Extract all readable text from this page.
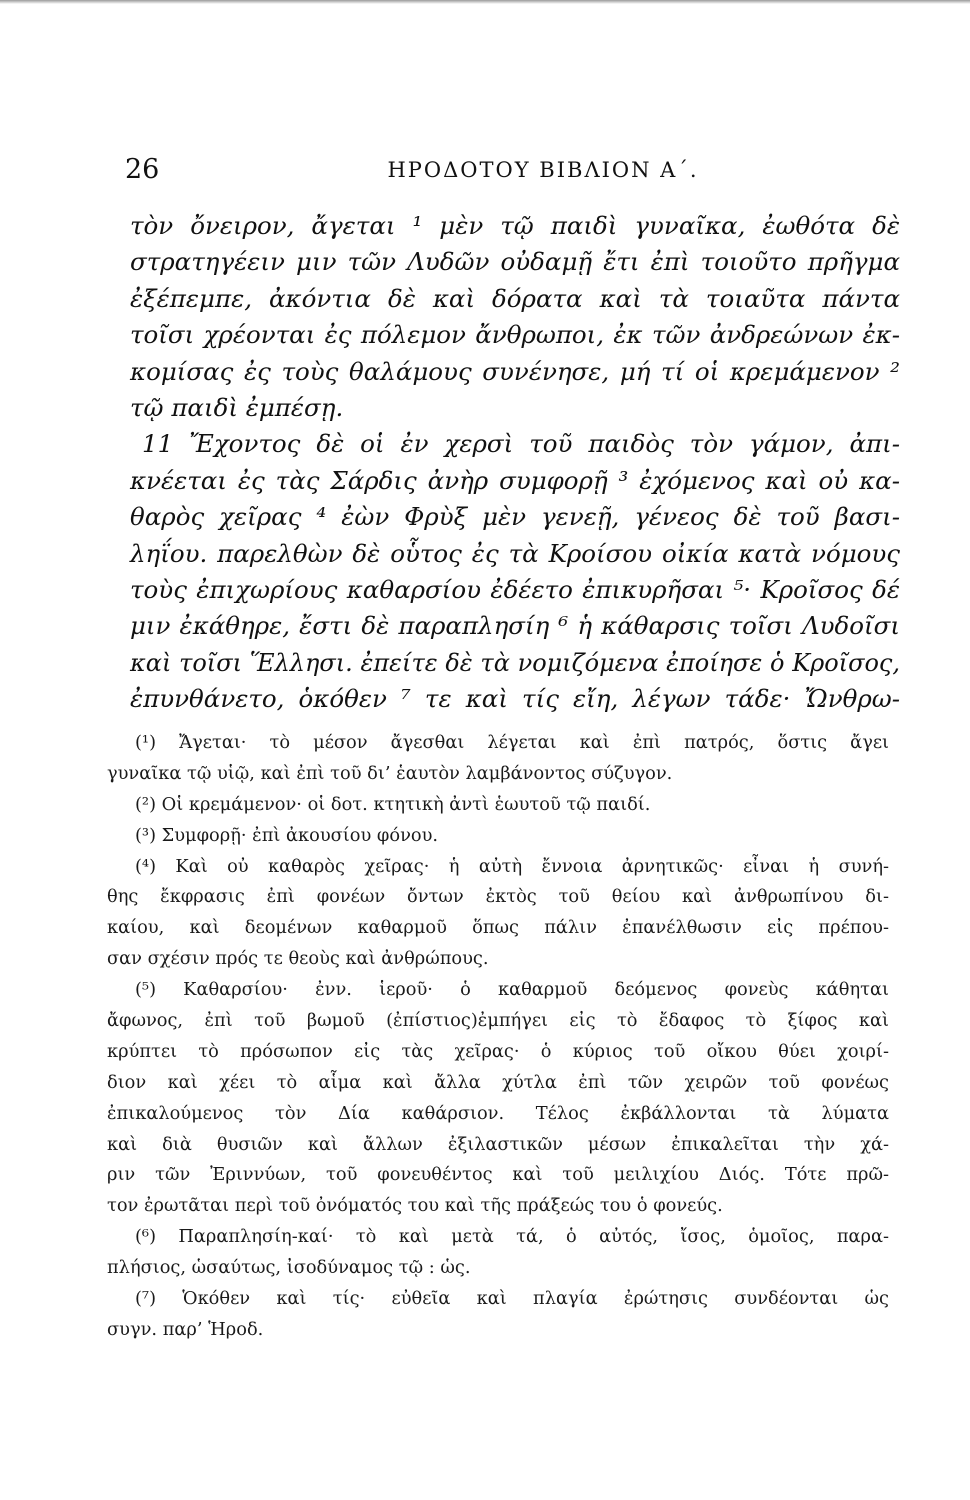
26	ΗΡΟΔΟΤΟΥ ΒΙΒΛΙΟΝ Α΄.
τὸν ὄνειρον, ἄγεται ¹ μὲν τῷ παιδὶ γυναῖκα, ἐωθότα δὲ
στρατηγέειν μιν τῶν Λυδῶν οὐδαμῇ ἔτι ἐπὶ τοιοῦτο πρῆγμα
ἐξέπεμπε, ἀκόντια δὲ καὶ δόρατα καὶ τὰ τοιαῦτα πάντα
τοῖσι χρέονται ἐς πόλεμον ἄνθρωποι, ἐκ τῶν ἀνδρεώνων ἐκ-
κομίσας ἐς τοὺς θαλάμους συνένησε, μή τί οἱ κρεμάμενον ²
τῷ παιδὶ ἐμπέσῃ.
11 Ἔχοντος δὲ οἱ ἐν χερσὶ τοῦ παιδὸς τὸν γάμον, ἀπι-
κνέεται ἐς τὰς Σάρδις ἀνὴρ συμφορῇ ³ ἐχόμενος καὶ οὐ κα-
θαρὸς χεῖρας ⁴ ἐὼν Φρὺξ μὲν γενεῇ, γένεος δὲ τοῦ βασι-
ληΐου. παρελθὼν δὲ οὗτος ἐς τὰ Κροίσου οἰκία κατὰ νόμους
τοὺς ἐπιχωρίους καθαρσίου ἐδέετο ἐπικυρῆσαι ⁵· Κροῖσος δέ
μιν ἐκάθηρε, ἔστι δὲ παραπλησίη ⁶ ἡ κάθαρσις τοῖσι Λυδοῖσι
καὶ τοῖσι Ἕλλησι. ἐπείτε δὲ τὰ νομιζόμενα ἐποίησε ὁ Κροῖσος,
ἐπυνθάνετο, ὁκόθεν ⁷ τε καὶ τίς εἴη, λέγων τάδε· Ὤνθρω-
(¹) Ἄγεται· τὸ μέσον ἄγεσθαι λέγεται καὶ ἐπὶ πατρός, ὅστις ἄγει
γυναῖκα τῷ υἱῷ, καὶ ἐπὶ τοῦ δι’ ἑαυτὸν λαμβάνοντος σύζυγον.
(²) Οἱ κρεμάμενον· οἱ δοτ. κτητικὴ ἀντὶ ἑωυτοῦ τῷ παιδί.
(³) Συμφορῇ· ἐπὶ ἀκουσίου φόνου.
(⁴) Καὶ οὐ καθαρὸς χεῖρας· ἡ αὐτὴ ἔννοια ἀρνητικῶς· εἶναι ἡ συνή-
θης ἔκφρασις ἐπὶ φονέων ὄντων ἐκτὸς τοῦ θείου καὶ ἀνθρωπίνου δι-
καίου, καὶ δεομένων καθαρμοῦ ὅπως πάλιν ἐπανέλθωσιν εἰς πρέπου-
σαν σχέσιν πρός τε θεοὺς καὶ ἀνθρώπους.
(⁵) Καθαρσίου· ἐνν. ἱεροῦ· ὁ καθαρμοῦ δεόμενος φονεὺς κάθηται
ἄφωνος, ἐπὶ τοῦ βωμοῦ (ἐπίστιος)ἐμπήγει εἰς τὸ ἔδαφος τὸ ξίφος καὶ
κρύπτει τὸ πρόσωπον εἰς τὰς χεῖρας· ὁ κύριος τοῦ οἴκου θύει χοιρί-
διον καὶ χέει τὸ αἷμα καὶ ἄλλα χύτλα ἐπὶ τῶν χειρῶν τοῦ φονέως
ἐπικαλούμενος τὸν Δία καθάρσιον. Τέλος ἐκβάλλονται τὰ λύματα
καὶ διὰ θυσιῶν καὶ ἄλλων ἐξιλαστικῶν μέσων ἐπικαλεῖται τὴν χά-
ριν τῶν Ἐριννύων, τοῦ φονευθέντος καὶ τοῦ μειλιχίου Διός. Τότε πρῶ-
τον ἐρωτᾶται περὶ τοῦ ὀνόματός του καὶ τῆς πράξεώς του ὁ φονεύς.
(⁶) Παραπλησίη-καί· τὸ καὶ μετὰ τά, ὁ αὐτός, ἴσος, ὁμοῖος, παρα-
πλήσιος, ὡσαύτως, ἰσοδύναμος τῷ : ὡς.
(⁷) Ὁκόθεν καὶ τίς· εὐθεῖα καὶ πλαγία ἐρώτησις συνδέονται ὡς
συγν. παρ’ Ἡροδ.
